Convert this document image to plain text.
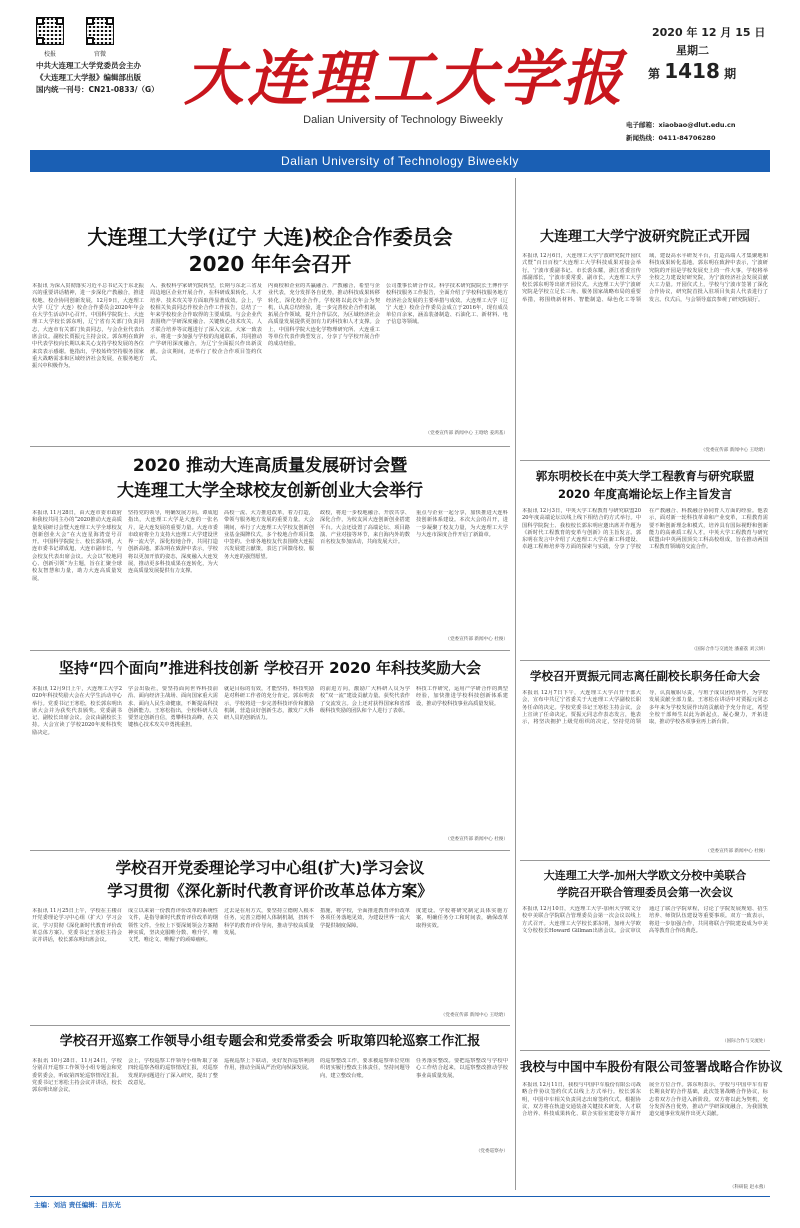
校报	官微
中共大连理工大学党委员会主办
《大连理工大学报》编辑部出版
国内统一刊号：CN21-0833/（G） 大连理工大学报
Dalian University of Technology Biweekly
2020 年 12 月 15 日
星期二
第 1418 期
电子邮箱：xiaobao@dlut.edu.cn
新闻热线：0411-84706280
Dalian University of Technology Biweekly
大连理工大学(辽宁 大连)校企合作委员会
2020 年年会召开
本报讯 为深入贯彻落实习近平总书记关于东北振兴的重要讲话精神，进一步深化产教融合，推进校地、校企协同创新发展，12月9日，大连理工大学（辽宁 大连）校企合作委员会2020年年会在大学生活动中心召开。中国科学院院士、大连理工大学校长郭东明，辽宁省有关部门负责同志，大连市有关部门负责同志，与会企业代表出席会议。副校长贾振元主持会议。郭东明在致辞中代表学校向长期以来关心支持学校发展的各位来宾表示感谢。他指出，学校始终坚持服务国家重大战略需求和区域经济社会发展，在服务地方振兴中积极作为。
入、我校科学家研究院转型，长期与东北三省及周边地区企业开展合作，在科研成果转化、人才培养、技术攻关等方面取得显著成效。会上，学校相关负责同志作校企合作工作报告，总结了一年来学校校企合作取得的主要成绩。与会企业代表围绕产学研深度融合、关键核心技术攻关、人才联合培养等议题进行了深入交流。大家一致表示，将进一步加强与学校的沟通联系，共同推动产学研用深度融合，为辽宁全面振兴作出新贡献。会议期间，还举行了校企合作项目签约仪式。
内商校和企业的共赢融合、产教融合，希望与企业代表，充分发挥各自优势，推动科技成果转移转化，深化校企合作。学校将以此次年会为契机，认真总结经验，进一步完善校企合作机制，拓展合作领域，提升合作层次，为区域经济社会高质量发展提供更加有力的科技和人才支撑。会上，中国科学院大连化学物理研究所、大连重工等单位代表作典型发言，分享了与学校开展合作的成功经验。
公司董事长研合作议。科学技术研究院院长王博作学校科技服务工作报告，全面介绍了学校科技服务地方经济社会发展的主要举措与成效。大连理工大学（辽宁 大连）校企合作委员会成立于2016年，现有成员单位百余家，涵盖装备制造、石油化工、新材料、电子信息等领域。
（党委宣传部 新闻中心 王晗晗 姜鸿基）
大连理工大学宁波研究院正式开园
本报讯 12月6日，大连理工大学宁波研究院开园仪式暨“百日百校”大连理工大学科技成果对接会举行。宁波市委副书记、市长裘东耀，浙江省委宣传部副部长，宁波市委常委、副市长，大连理工大学校长郭东明等出席开园仪式。大连理工大学宁波研究院是学校立足长三角、服务国家战略布局的重要举措，将围绕新材料、智能制造、绿色化工等领域，建设高水平研发平台，打造高端人才集聚地和科技成果转化基地。郭东明在致辞中表示，宁波研究院的开园是学校发展史上的一件大事，学校将举全校之力建设好研究院，为宁波经济社会发展贡献大工力量。开园仪式上，学校与宁波市签署了深化合作协议，研究院首批入驻项目负责人代表进行了发言。仪式后，与会领导嘉宾参观了研究院展厅。
（党委宣传部 新闻中心 王晗晗）
2020 推动大连高质量发展研讨会暨
大连理工大学全球校友创新创业大会举行
本报讯 11月28日，由大连市委市政府和我校共同主办的“2020推动大连高质量发展研讨会暨大连理工大学全球校友创新创业大会”在大连星海湾壹号召开。中国科学院院士、校长郭东明，大连市委书记谭成旭，大连市副市长，与会校友代表出席会议。大会以“校地同心、创新引领”为主题，旨在汇聚全球校友智慧和力量，助力大连高质量发展。
坚持党的领导，明确发展方向。谭成旭指出，大连理工大学是大连的一张名片，是大连发展的重要力量。大连市委市政府将全力支持大连理工大学建设世界一流大学，深化校地合作，共同打造创新高地。郭东明在致辞中表示，学校将以更加开放的姿态，深度融入大连发展，推动更多科技成果在连转化，为大连高质量发展提供有力支撑。
高校一流、大力推进改革，着力打造，带领与服务地方发展的重要力量。大会期间，举行了大连理工大学校友创新创业基金揭牌仪式，多个校地合作项目集中签约。全球各地校友代表围绕大连振兴发展建言献策，表达了回馈母校、服务大连的强烈愿望。
政校，将进一步校地融合、开放共享、深化合作，为校友回大连创新创业搭建平台。大会还设置了高端论坛、项目路演、产业对接等环节，来自海内外的数百名校友参加活动，共商发展大计。
重点与企业一起分享，加快推进大连科技创新体系建设。本次大会的召开，进一步凝聚了校友力量，为大连理工大学与大连市深度合作开启了新篇章。
（党委宣传部 新闻中心 杜俊）
郭东明校长在中英大学工程教育与研究联盟
2020 年度高端论坛上作主旨发言
本报讯 12月3日，中英大学工程教育与研究联盟2020年度高端论坛以线上线下相结合的方式举行。中国科学院院士、我校校长郭东明应邀出席并作题为《新时代工程教育的变革与创新》的主旨发言。郭东明在发言中介绍了大连理工大学在新工科建设、卓越工程师培养等方面的探索与实践，分享了学校在产教融合、科教融合协同育人方面的经验。他表示，面对新一轮科技革命和产业变革，工程教育需要不断创新理念和模式，培养具有国际视野和创新能力的高素质工程人才。中英大学工程教育与研究联盟由中英两国顶尖工科高校组成，旨在推动两国工程教育领域的交流合作。
（国际合作与交流处 潘嘉荔 刘云妍）
坚持“四个面向”推进科技创新 学校召开 2020 年科技奖励大会
本报讯 12月9日上午，大连理工大学2020年科技奖励大会在大学生活动中心举行。党委书记王寒松，校长郭东明出席大会并为获奖代表颁奖。党委副书记、副校长出席会议。会议由副校长主持。大会宣读了学校2020年度科技奖励决定。
学会出版社，要坚持面向世界科技前沿、面向经济主战场、面向国家重大需求、面向人民生命健康，不断提高科技创新能力。王寒松指出，全校科研人员要坚定创新自信，勇攀科技高峰，在关键核心技术攻关中勇挑重担。
就是目标的有效，才能坚持，科技奖励是对科研工作者的充分肯定。郭东明表示，学校将进一步完善科技评价和激励机制，营造良好创新生态，激发广大科研人员的创新活力。
的前进方向，激励广大科研人员为学校“双一流”建设贡献力量。获奖代表作了交流发言。会上还对获得国家和省部级科技奖励的团队和个人进行了表彰。
科技工作研究，运用产学研合作的典型经验，加快推进学校科技创新体系建设，推动学校科技事业高质量发展。
（党委宣传部 新闻中心 杜俊）
学校召开贾振元同志离任副校长职务任命大会
本报讯 12月7日下午，大连理工大学召开干部大会，宣布中共辽宁省委关于大连理工大学副校长职务任命的决定。学校党委书记王寒松主持会议。会上宣读了任命决定。贾振元同志作表态发言，他表示，将坚决拥护上级党组织的决定，坚持党的领导，认真履职尽责，与班子成员团结协作，为学校发展贡献全部力量。王寒松在讲话中对贾振元同志多年来为学校发展作出的贡献给予充分肯定，希望全校干部师生以此为新起点，凝心聚力，开拓进取，推动学校各项事业再上新台阶。
（党委宣传部 新闻中心 杜俊）
学校召开党委理论学习中心组(扩大)学习会议
学习贯彻《深化新时代教育评价改革总体方案》
本报讯 11月25日上午，学校在主楼召开党委理论学习中心组（扩大）学习会议，学习贯彻《深化新时代教育评价改革总体方案》。党委书记王寒松主持会议并讲话，校长郭东明出席会议。
成立以来第一份教育评价改革的系统性文件，是指导新时代教育评价改革的纲领性文件。全校上下要深刻领会方案精神实质，坚决克服唯分数、唯升学、唯文凭、唯论文、唯帽子的顽瘴痼疾。
过去是在用方式，要坚持立德树人根本任务，完善立德树人体制机制，扭转不科学的教育评价导向，推动学校高质量发展。
措施，将学校，全面推进教育评价改革各项任务落地见效，为建设世界一流大学提供制度保障。
度建设。学校将研究制定具体实施方案，明确任务分工和时间表，确保改革取得实效。
（党委宣传部 新闻中心 王晗晗）
大连理工大学-加州大学欧文分校中美联合
学院召开联合管理委员会第一次会议
本报讯 12月10日，大连理工大学-加州大学欧文分校中美联合学院联合管理委员会第一次会议以线上方式召开。大连理工大学校长郭东明，加州大学欧文分校校长Howard Gillman出席会议。会议审议通过了联合学院章程，讨论了学院发展规划、招生培养、师资队伍建设等重要事项。双方一致表示，将进一步加强合作，共同将联合学院建设成为中美高等教育合作的典范。
（国际合作与交流处）
学校召开巡察工作领导小组专题会和党委常委会 听取第四轮巡察工作汇报
本报讯 10月28日、11月24日，学校分别召开巡察工作领导小组专题会和党委常委会，听取第四轮巡察情况汇报。党委书记王寒松主持会议并讲话，校长郭东明出席会议。
会上，学校巡察工作领导小组听取了第四轮巡察各组的巡察情况汇报，对巡察发现的问题进行了深入研究，提出了整改意见。
巡视巡察上下联动，更好发挥巡察利剑作用，推动全面从严治党向纵深发展。
的巡察整改工作，要求被巡察单位党组织切实履行整改主体责任，坚持问题导向，建立整改台账。
任务落实整改。要把巡察整改与学校中心工作结合起来，以巡察整改推动学校事业高质量发展。
（党委巡察办）
我校与中国中车股份有限公司签署战略合作协议
本报讯 12月11日，我校与中国中车股份有限公司战略合作协议签约仪式以线上方式举行。校长郭东明，中国中车相关负责同志出席签约仪式。根据协议，双方将在轨道交通装备关键技术研发、人才联合培养、科技成果转化、联合实验室建设等方面开展全方位合作。郭东明表示，学校与中国中车有着长期良好的合作基础，此次签署战略合作协议，标志着双方合作进入新阶段。双方将以此为契机，充分发挥各自优势，推动产学研深度融合，为我国轨道交通事业发展作出更大贡献。
（科研院 赵永燕）
主编：刘洁 责任编辑：吕东光
